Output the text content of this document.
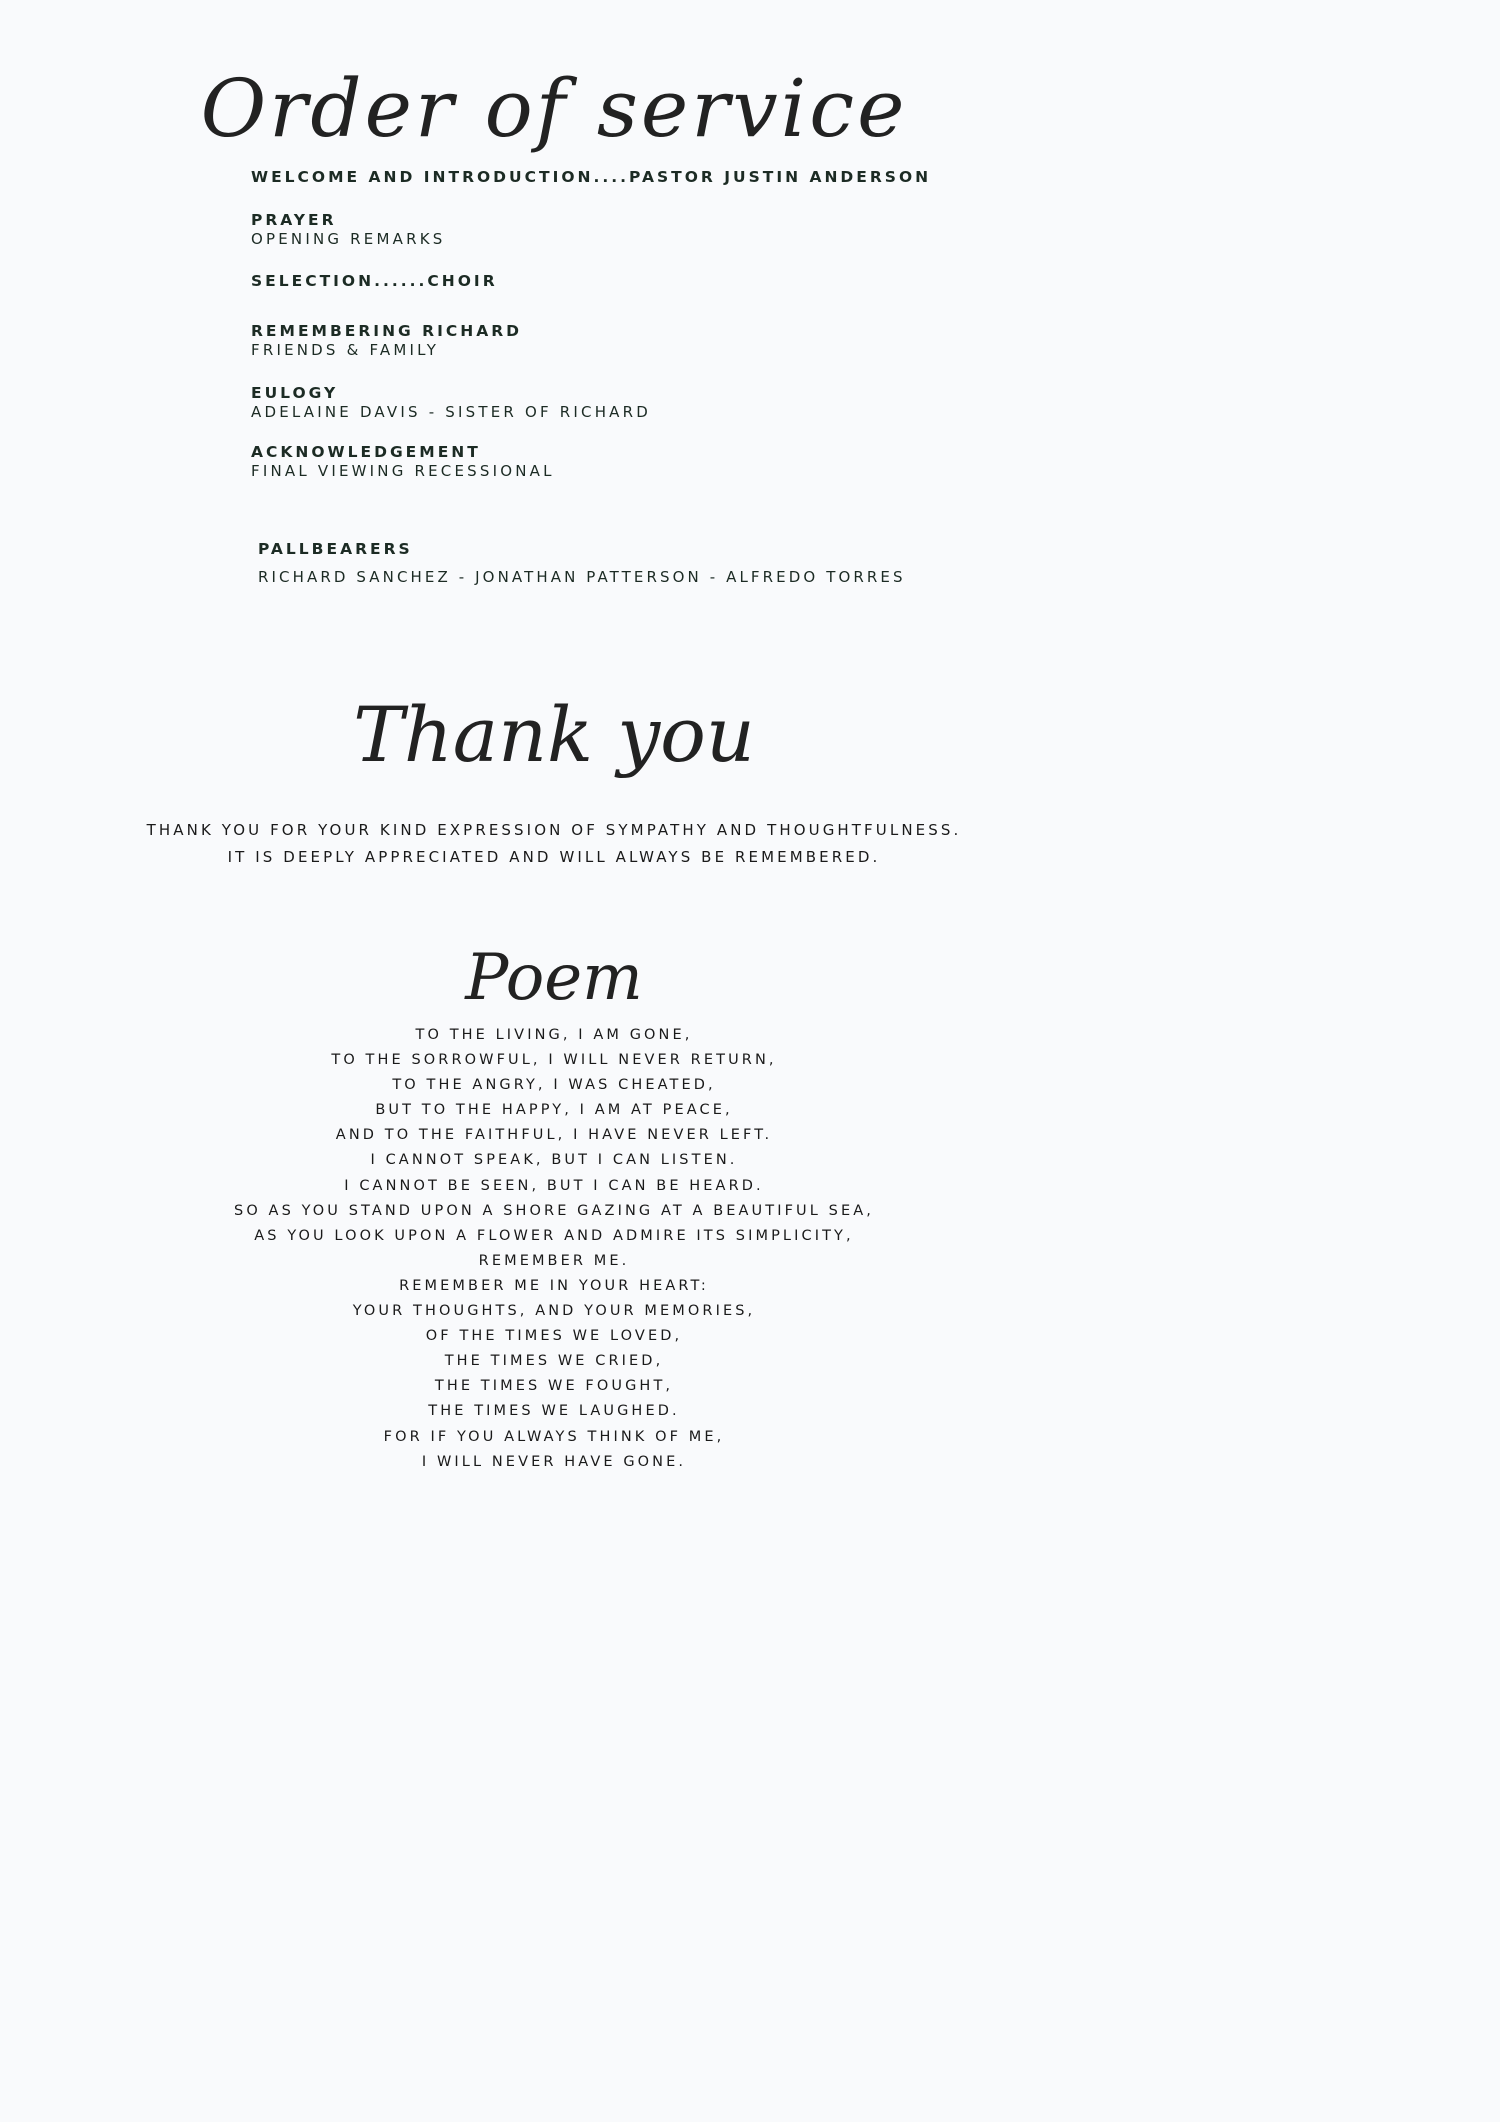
Order of service
WELCOME AND INTRODUCTION....PASTOR JUSTIN ANDERSON
PRAYER
OPENING REMARKS
SELECTION......CHOIR
REMEMBERING RICHARD
FRIENDS & FAMILY
EULOGY
ADELAINE DAVIS - SISTER OF RICHARD
ACKNOWLEDGEMENT
FINAL VIEWING RECESSIONAL
PALLBEARERS
RICHARD SANCHEZ - JONATHAN PATTERSON - ALFREDO TORRES
Thank you

THANK YOU FOR YOUR KIND EXPRESSION OF SYMPATHY AND THOUGHTFULNESS.
IT IS DEEPLY APPRECIATED AND WILL ALWAYS BE REMEMBERED.

Poem
TO THE LIVING, I AM GONE,
TO THE SORROWFUL, I WILL NEVER RETURN,
TO THE ANGRY, I WAS CHEATED,
BUT TO THE HAPPY, I AM AT PEACE,
AND TO THE FAITHFUL, I HAVE NEVER LEFT.
I CANNOT SPEAK, BUT I CAN LISTEN.
I CANNOT BE SEEN, BUT I CAN BE HEARD.
SO AS YOU STAND UPON A SHORE GAZING AT A BEAUTIFUL SEA,
AS YOU LOOK UPON A FLOWER AND ADMIRE ITS SIMPLICITY,
REMEMBER ME.
REMEMBER ME IN YOUR HEART:
YOUR THOUGHTS, AND YOUR MEMORIES,
OF THE TIMES WE LOVED,
THE TIMES WE CRIED,
THE TIMES WE FOUGHT,
THE TIMES WE LAUGHED.
FOR IF YOU ALWAYS THINK OF ME,
I WILL NEVER HAVE GONE.
